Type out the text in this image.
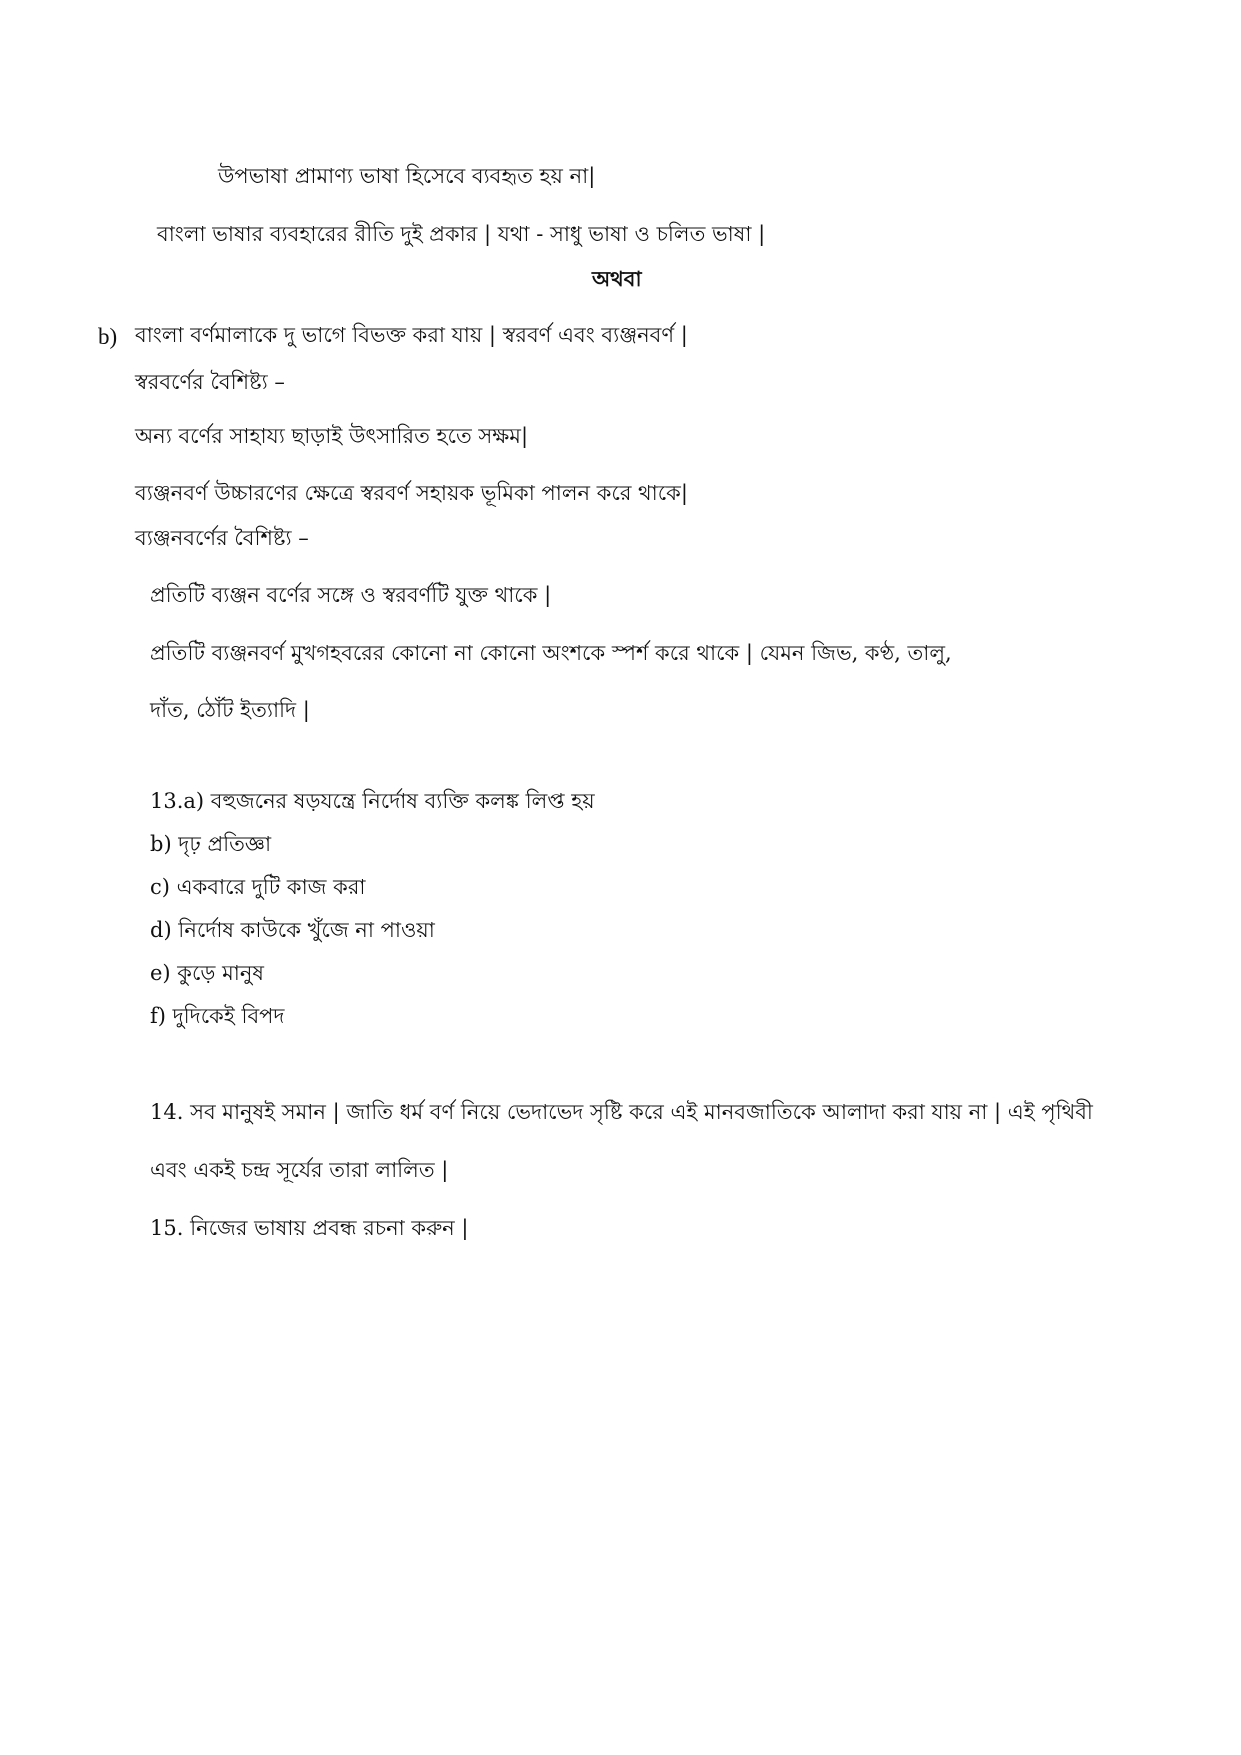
উপভাষা প্রামাণ্য ভাষা হিসেবে ব্যবহৃত হয় না|
বাংলা ভাষার ব্যবহারের রীতি দুই প্রকার | যথা - সাধু ভাষা ও চলিত ভাষা |
অথবা
b) বাংলা বর্ণমালাকে দু ভাগে বিভক্ত করা যায় | স্বরবর্ণ এবং ব্যঞ্জনবর্ণ |
স্বরবর্ণের বৈশিষ্ট্য –
অন্য বর্ণের সাহায্য ছাড়াই উৎসারিত হতে সক্ষম|
ব্যঞ্জনবর্ণ উচ্চারণের ক্ষেত্রে স্বরবর্ণ সহায়ক ভূমিকা পালন করে থাকে|
ব্যঞ্জনবর্ণের বৈশিষ্ট্য –
প্রতিটি ব্যঞ্জন বর্ণের সঙ্গে ও স্বরবর্ণটি যুক্ত থাকে |
প্রতিটি ব্যঞ্জনবর্ণ মুখগহবরের কোনো না কোনো অংশকে স্পর্শ করে থাকে | যেমন জিভ, কণ্ঠ, তালু,
দাঁত, ঠোঁট ইত্যাদি |
13.a) বহুজনের ষড়যন্ত্রে নির্দোষ ব্যক্তি কলঙ্ক লিপ্ত হয়
b) দৃঢ় প্রতিজ্ঞা
c) একবারে দুটি কাজ করা
d) নির্দোষ কাউকে খুঁজে না পাওয়া
e) কুড়ে মানুষ
f) দুদিকেই বিপদ
14. সব মানুষই সমান | জাতি ধর্ম বর্ণ নিয়ে ভেদাভেদ সৃষ্টি করে এই মানবজাতিকে আলাদা করা যায় না | এই পৃথিবী
এবং একই চন্দ্র সূর্যের তারা লালিত |
15. নিজের ভাষায় প্রবন্ধ রচনা করুন |
